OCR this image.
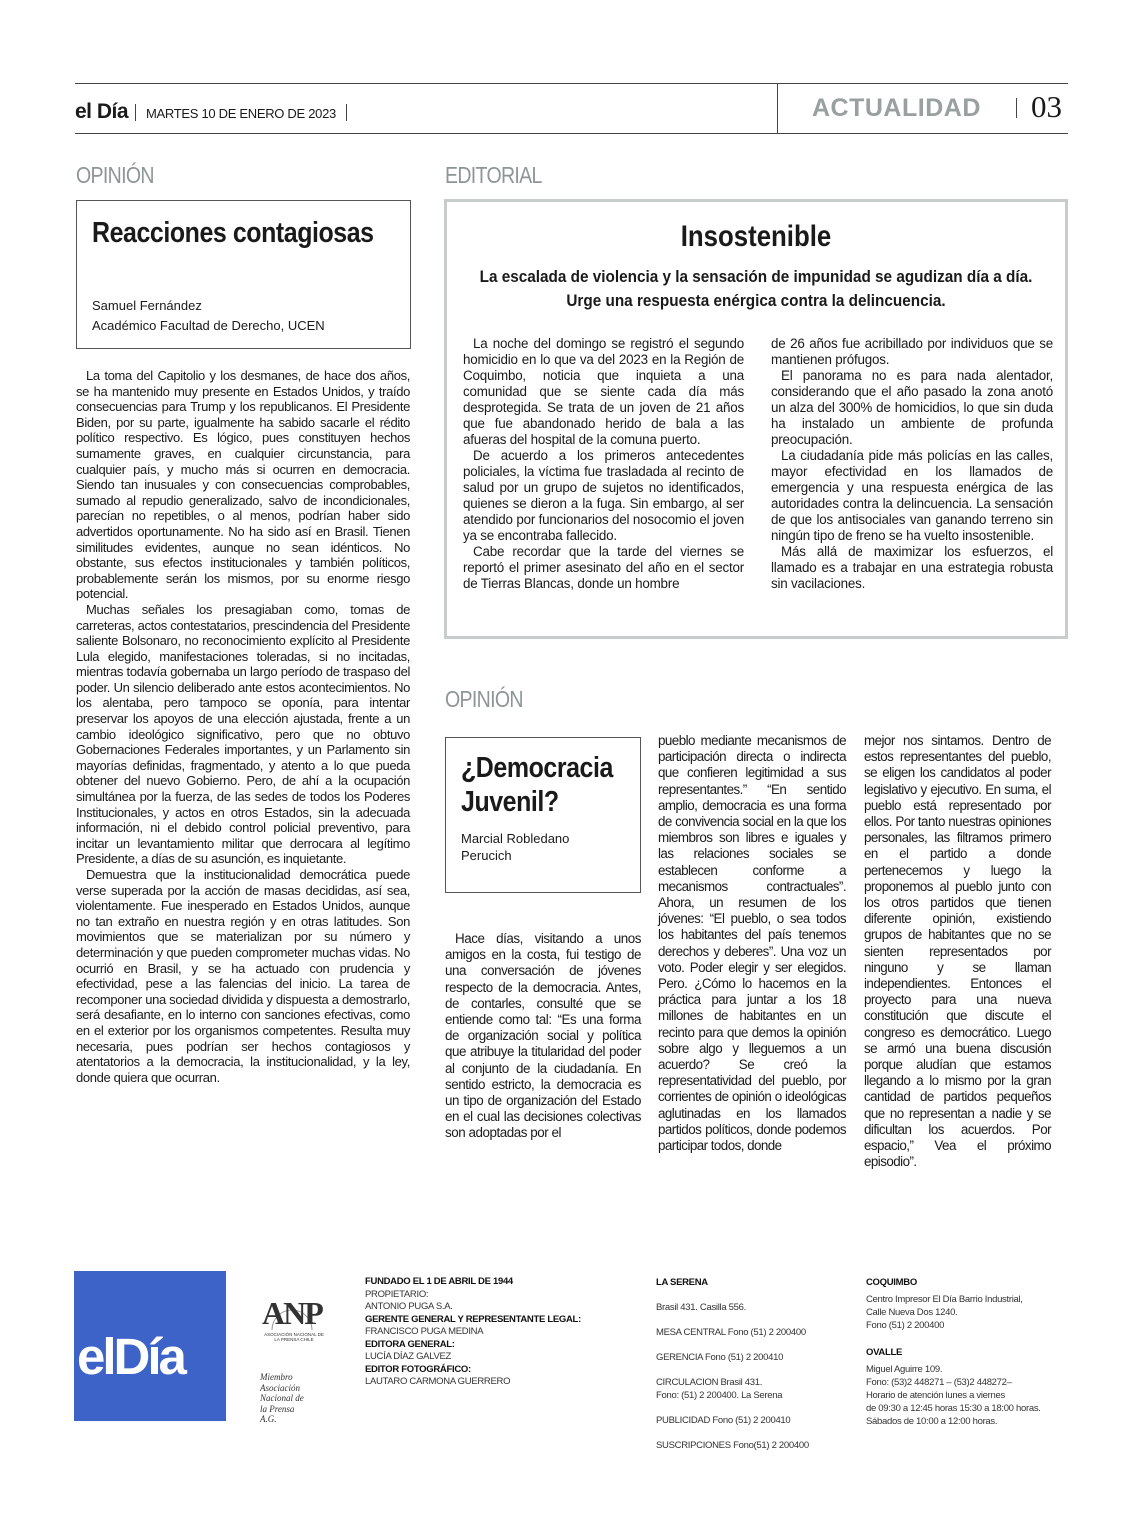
el Día MARTES 10 DE ENERO DE 2023	ACTUALIDAD 03
OPINIÓN
Reacciones contagiosas
Samuel Fernández
Académico Facultad de Derecho, UCEN

La toma del Capitolio y los desmanes, de hace dos años, se ha mantenido muy presente en Estados Unidos, y traído consecuencias para Trump y los republicanos. El Presidente Biden, por su parte, igualmente ha sabido sacarle el rédito político respectivo. Es lógico, pues constituyen hechos sumamente graves, en cualquier circunstancia, para cualquier país, y mucho más si ocurren en democracia. Siendo tan inusuales y con consecuencias comprobables, sumado al repudio generalizado, salvo de incondicionales, parecían no repetibles, o al menos, podrían haber sido advertidos oportunamente. No ha sido así en Brasil. Tienen similitudes evidentes, aunque no sean idénticos. No obstante, sus efectos institucionales y también políticos, probablemente serán los mismos, por su enorme riesgo potencial.

Muchas señales los presagiaban como, tomas de carreteras, actos contestatarios, prescindencia del Presidente saliente Bolsonaro, no reconocimiento explícito al Presidente Lula elegido, manifestaciones toleradas, si no incitadas, mientras todavía gobernaba un largo período de traspaso del poder. Un silencio deliberado ante estos acontecimientos. No los alentaba, pero tampoco se oponía, para intentar preservar los apoyos de una elección ajustada, frente a un cambio ideológico significativo, pero que no obtuvo Gobernaciones Federales importantes, y un Parlamento sin mayorías definidas, fragmentado, y atento a lo que pueda obtener del nuevo Gobierno. Pero, de ahí a la ocupación simultánea por la fuerza, de las sedes de todos los Poderes Institucionales, y actos en otros Estados, sin la adecuada información, ni el debido control policial preventivo, para incitar un levantamiento militar que derrocara al legítimo Presidente, a días de su asunción, es inquietante.

Demuestra que la institucionalidad democrática puede verse superada por la acción de masas decididas, así sea, violentamente. Fue inesperado en Estados Unidos, aunque no tan extraño en nuestra región y en otras latitudes. Son movimientos que se materializan por su número y determinación y que pueden comprometer muchas vidas. No ocurrió en Brasil, y se ha actuado con prudencia y efectividad, pese a las falencias del inicio. La tarea de recomponer una sociedad dividida y dispuesta a demostrarlo, será desafiante, en lo interno con sanciones efectivas, como en el exterior por los organismos competentes. Resulta muy necesaria, pues podrían ser hechos contagiosos y atentatorios a la democracia, la institucionalidad, y la ley, donde quiera que ocurran.

EDITORIAL
Insostenible
La escalada de violencia y la sensación de impunidad se agudizan día a día.
Urge una respuesta enérgica contra la delincuencia.

La noche del domingo se registró el segundo homicidio en lo que va del 2023 en la Región de Coquimbo, noticia que inquieta a una comunidad que se siente cada día más desprotegida. Se trata de un joven de 21 años que fue abandonado herido de bala a las afueras del hospital de la comuna puerto.

De acuerdo a los primeros antecedentes policiales, la víctima fue trasladada al recinto de salud por un grupo de sujetos no identificados, quienes se dieron a la fuga. Sin embargo, al ser atendido por funcionarios del nosocomio el joven ya se encontraba fallecido.

Cabe recordar que la tarde del viernes se reportó el primer asesinato del año en el sector de Tierras Blancas, donde un hombre

de 26 años fue acribillado por individuos que se mantienen prófugos.

El panorama no es para nada alentador, considerando que el año pasado la zona anotó un alza del 300% de homicidios, lo que sin duda ha instalado un ambiente de profunda preocupación.

La ciudadanía pide más policías en las calles, mayor efectividad en los llamados de emergencia y una respuesta enérgica de las autoridades contra la delincuencia. La sensación de que los antisociales van ganando terreno sin ningún tipo de freno se ha vuelto insostenible.

Más allá de maximizar los esfuerzos, el llamado es a trabajar en una estrategia robusta sin vacilaciones.

OPINIÓN
¿Democracia Juvenil?
Marcial Robledano
Perucich

Hace días, visitando a unos amigos en la costa, fui testigo de una conversación de jóvenes respecto de la democracia. Antes, de contarles, consulté que se entiende como tal: “Es una forma de organización social y política que atribuye la titularidad del poder al conjunto de la ciudadanía. En sentido estricto, la democracia es un tipo de organización del Estado en el cual las decisiones colectivas son adoptadas por el

pueblo mediante mecanismos de participación directa o indirecta que confieren legitimidad a sus representantes.” “En sentido amplio, democracia es una forma de convivencia social en la que los miembros son libres e iguales y las relaciones sociales se establecen conforme a mecanismos contractuales”. Ahora, un resumen de los jóvenes: “El pueblo, o sea todos los habitantes del país tenemos derechos y deberes”. Una voz un voto. Poder elegir y ser elegidos. Pero. ¿Cómo lo hacemos en la práctica para juntar a los 18 millones de habitantes en un recinto para que demos la opinión sobre algo y lleguemos a un acuerdo? Se creó la representatividad del pueblo, por corrientes de opinión o ideológicas aglutinadas en los llamados partidos políticos, donde podemos participar todos, donde

mejor nos sintamos. Dentro de estos representantes del pueblo, se eligen los candidatos al poder legislativo y ejecutivo. En suma, el pueblo está representado por ellos. Por tanto nuestras opiniones personales, las filtramos primero en el partido a donde pertenecemos y luego la proponemos al pueblo junto con los otros partidos que tienen diferente opinión, existiendo grupos de habitantes que no se sienten representados por ninguno y se llaman independientes. Entonces el proyecto para una nueva constitución que discute el congreso es democrático. Luego se armó una buena discusión porque aludían que estamos llegando a lo mismo por la gran cantidad de partidos pequeños que no representan a nadie y se dificultan los acuerdos. Por espacio,” Vea el próximo episodio”.

elDía
ANP
ASOCIACIÓN NACIONAL DE LA PRENSA CHILE
Miembro
Asociación
Nacional de
la Prensa
A.G.
FUNDADO EL 1 DE ABRIL DE 1944
PROPIETARIO:
ANTONIO PUGA S.A.
GERENTE GENERAL Y REPRESENTANTE LEGAL:
FRANCISCO PUGA MEDINA
EDITORA GENERAL:
LUCÍA DÍAZ GALVEZ
EDITOR FOTOGRÁFICO:
LAUTARO CARMONA GUERRERO
LA SERENA
Brasil 431. Casilla 556.
MESA CENTRAL Fono (51) 2 200400
GERENCIA Fono (51) 2 200410
CIRCULACION Brasil 431.
Fono: (51) 2 200400. La Serena
PUBLICIDAD Fono (51) 2 200410
SUSCRIPCIONES Fono(51) 2 200400
COQUIMBO
Centro Impresor El Día Barrio Industrial,
Calle Nueva Dos 1240.
Fono (51) 2 200400
OVALLE
Miguel Aguirre 109.
Fono: (53)2 448271 – (53)2 448272–
Horario de atención lunes a viernes
de 09:30 a 12:45 horas 15:30 a 18:00 horas.
Sábados de 10:00 a 12:00 horas.
